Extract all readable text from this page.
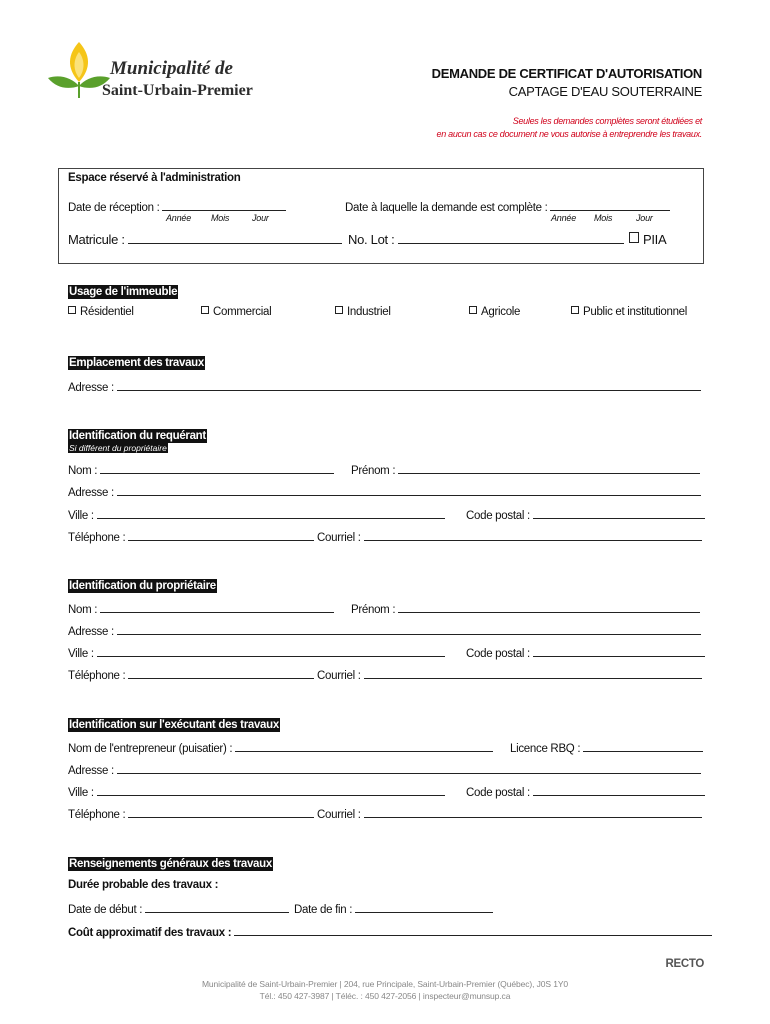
Municipalité de
Saint-Urbain-Premier
DEMANDE DE CERTIFICAT D'AUTORISATION
CAPTAGE D'EAU SOUTERRAINE
Seules les demandes complètes seront étudiées et
en aucun cas ce document ne vous autorise à entreprendre les travaux.
Espace réservé à l'administration
Date de réception :
Année Mois	Jour
Date à laquelle la demande est complète :
Année Mois	Jour
Matricule :	No. Lot :	PIIA
Usage de l'immeuble
Résidentiel	Commercial	Industriel	Agricole	Public et institutionnel
Emplacement des travaux
Adresse :
Identification du requérant
Si différent du propriétaire
Nom :	Prénom :
Adresse :
Ville :	Code postal :
Téléphone :	Courriel :
Identification du propriétaire
Nom :	Prénom :
Adresse :
Ville :	Code postal :
Téléphone :	Courriel :
Identification sur l'exécutant des travaux
Nom de l'entrepreneur (puisatier) :	Licence RBQ :
Adresse :
Ville :	Code postal :
Téléphone :	Courriel :
Renseignements généraux des travaux
Durée probable des travaux :
Date de début :	Date de fin :
Coût approximatif des travaux :
RECTO
Municipalité de Saint-Urbain-Premier | 204, rue Principale, Saint-Urbain-Premier (Québec), J0S 1Y0
Tél.: 450 427-3987 | Téléc. : 450 427-2056 | inspecteur@munsup.ca
